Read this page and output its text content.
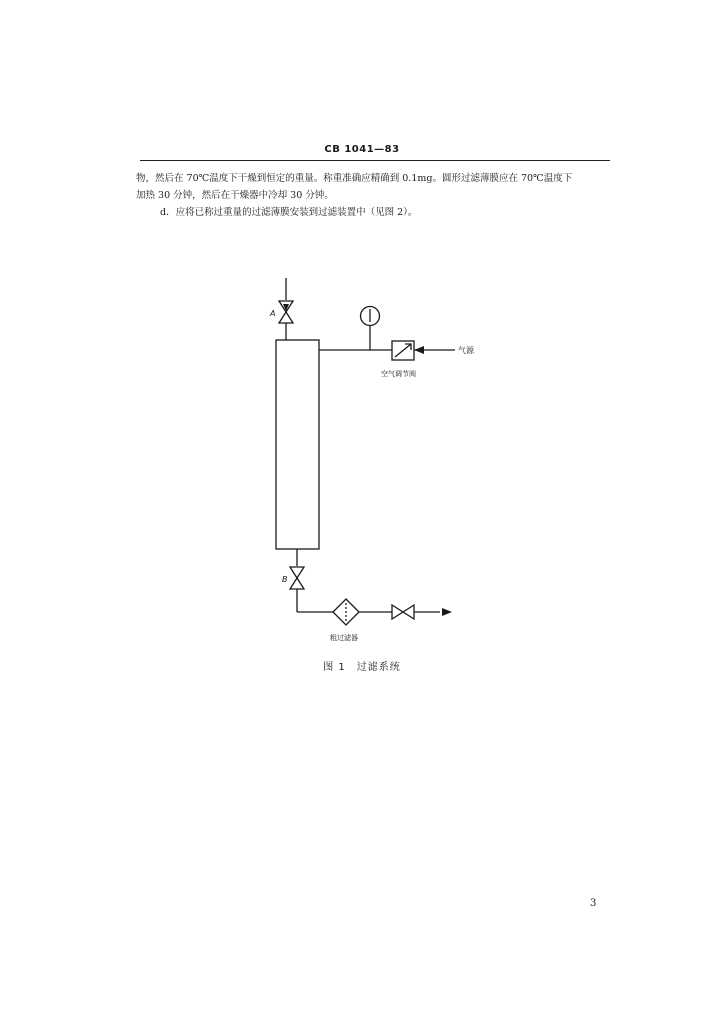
CB 1041—83
物，然后在 70℃温度下干燥到恒定的重量。称重准确应精确到 0.1mg。圆形过滤薄膜应在 70℃温度下
加热 30 分钟，然后在干燥器中冷却 30 分钟。
d．应将已称过重量的过滤薄膜安装到过滤装置中（见图 2）。
A
B
气源
空气调节阀
粗过滤器
图 1　过滤系统
3
